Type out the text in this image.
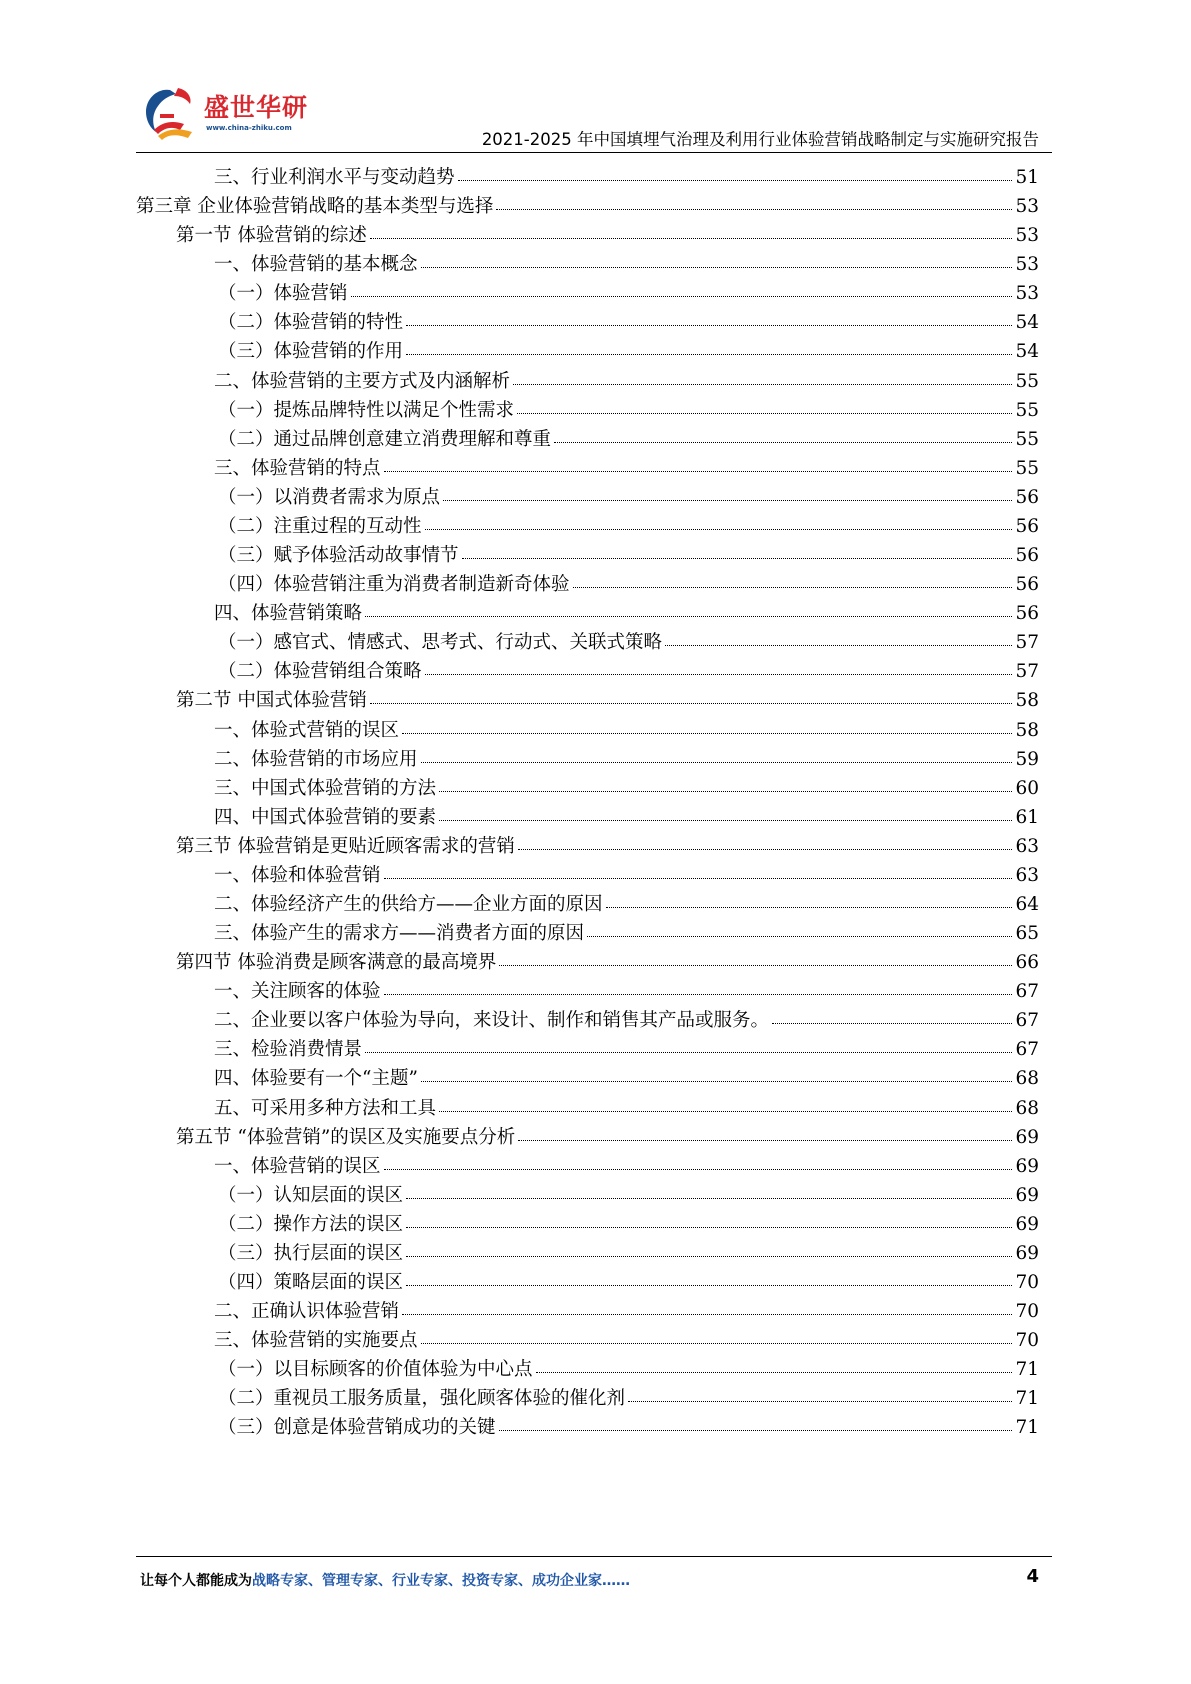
盛世华研
www.china-zhiku.com
2021-2025 年中国填埋气治理及利用行业体验营销战略制定与实施研究报告
三、行业利润水平与变动趋势	51
第三章 企业体验营销战略的基本类型与选择	53
第一节 体验营销的综述	53
一、体验营销的基本概念	53
（一）体验营销	53
（二）体验营销的特性	54
（三）体验营销的作用	54
二、体验营销的主要方式及内涵解析	55
（一）提炼品牌特性以满足个性需求	55
（二）通过品牌创意建立消费理解和尊重	55
三、体验营销的特点	55
（一）以消费者需求为原点	56
（二）注重过程的互动性	56
（三）赋予体验活动故事情节	56
（四）体验营销注重为消费者制造新奇体验	56
四、体验营销策略	56
（一）感官式、情感式、思考式、行动式、关联式策略	57
（二）体验营销组合策略	57
第二节 中国式体验营销	58
一、体验式营销的误区	58
二、体验营销的市场应用	59
三、中国式体验营销的方法	60
四、中国式体验营销的要素	61
第三节 体验营销是更贴近顾客需求的营销	63
一、体验和体验营销	63
二、体验经济产生的供给方——企业方面的原因	64
三、体验产生的需求方——消费者方面的原因	65
第四节 体验消费是顾客满意的最高境界	66
一、关注顾客的体验	67
二、企业要以客户体验为导向，来设计、制作和销售其产品或服务。	67
三、检验消费情景	67
四、体验要有一个“主题”	68
五、可采用多种方法和工具	68
第五节 “体验营销”的误区及实施要点分析	69
一、体验营销的误区	69
（一）认知层面的误区	69
（二）操作方法的误区	69
（三）执行层面的误区	69
（四）策略层面的误区	70
二、正确认识体验营销	70
三、体验营销的实施要点	70
（一）以目标顾客的价值体验为中心点	71
（二）重视员工服务质量，强化顾客体验的催化剂	71
（三）创意是体验营销成功的关键	71
让每个人都能成为战略专家、管理专家、行业专家、投资专家、成功企业家……	4
